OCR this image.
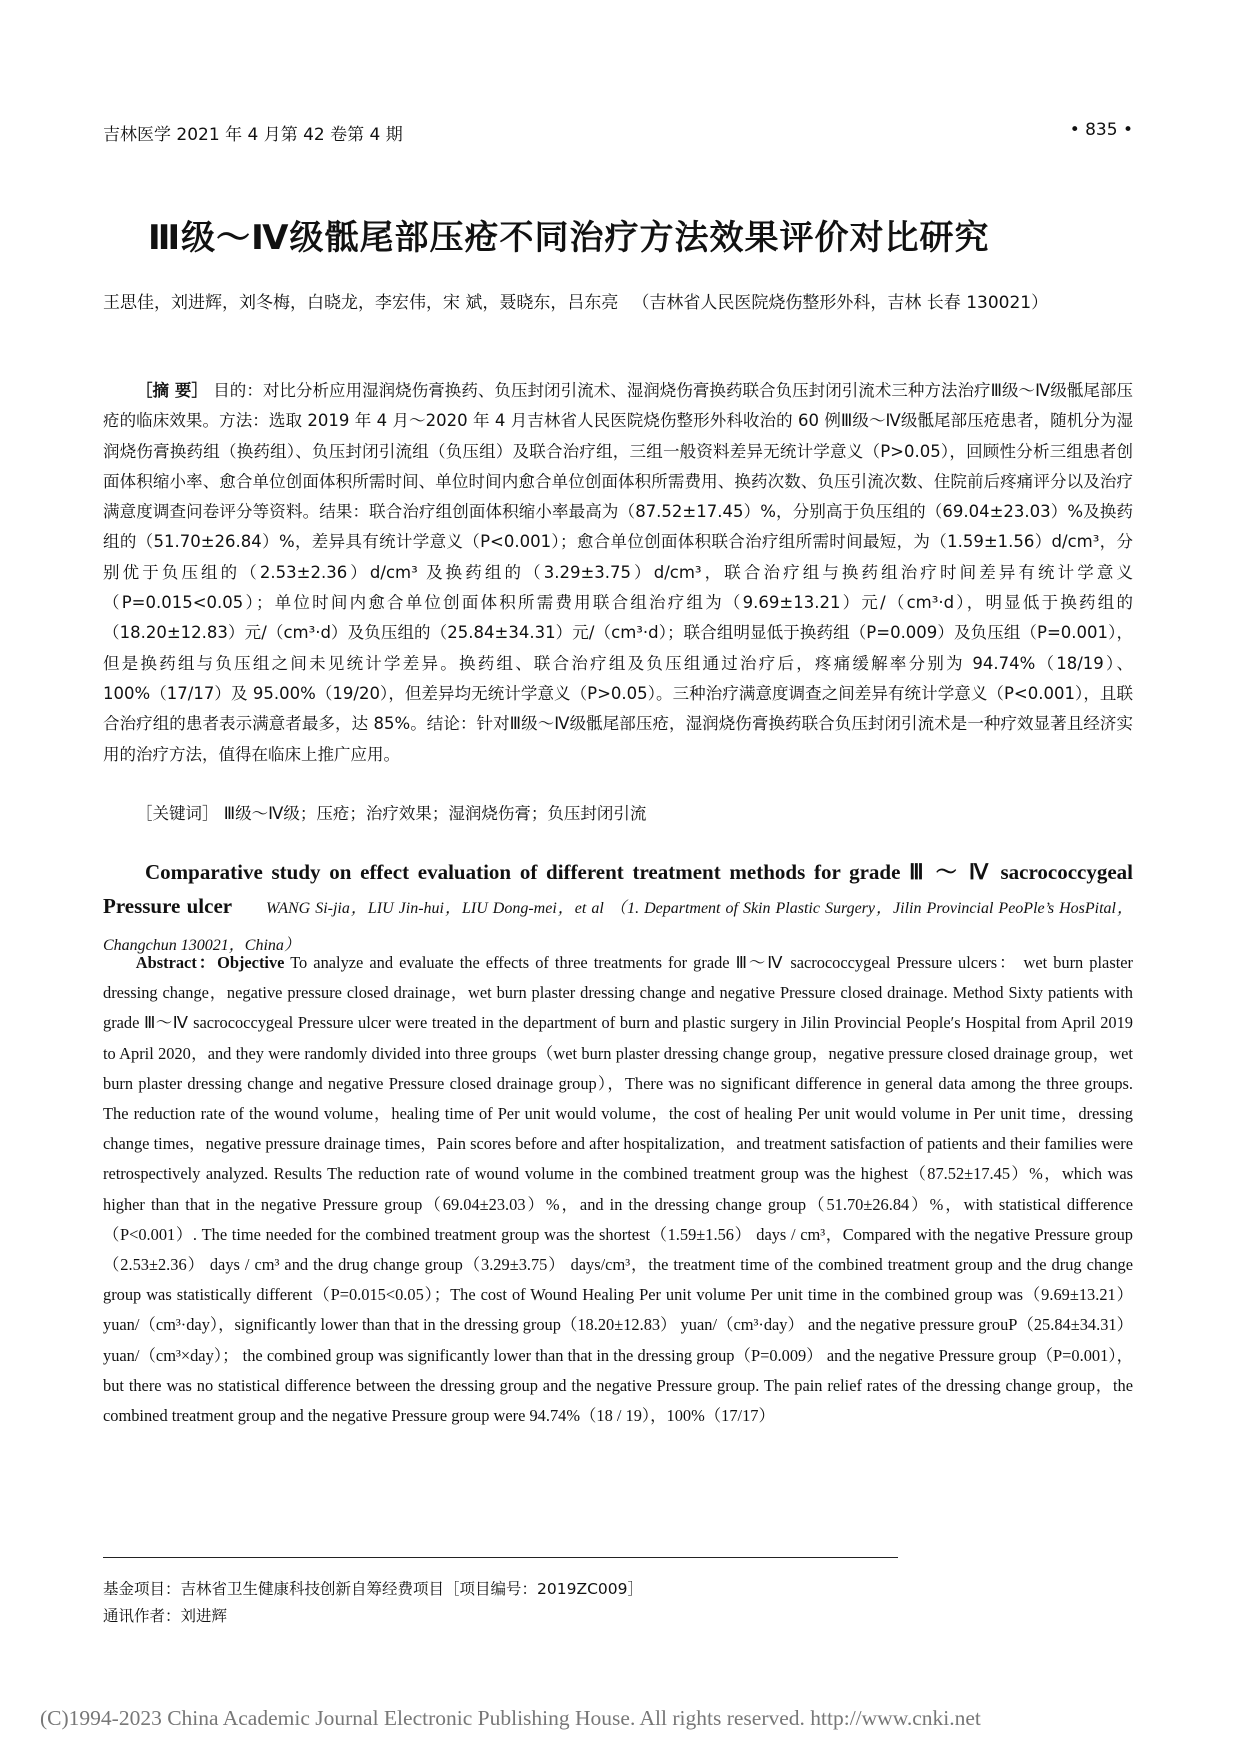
吉林医学 2021 年 4 月第 42 卷第 4 期	• 835 •
Ⅲ级～Ⅳ级骶尾部压疮不同治疗方法效果评价对比研究
王思佳，刘进辉，刘冬梅，白晓龙，李宏伟，宋 斌，聂晓东，吕东亮 （吉林省人民医院烧伤整形外科，吉林 长春 130021）
［摘 要］ 目的：对比分析应用湿润烧伤膏换药、负压封闭引流术、湿润烧伤膏换药联合负压封闭引流术三种方法治疗Ⅲ级～Ⅳ级骶尾部压疮的临床效果。方法：选取 2019 年 4 月～2020 年 4 月吉林省人民医院烧伤整形外科收治的 60 例Ⅲ级～Ⅳ级骶尾部压疮患者，随机分为湿润烧伤膏换药组（换药组）、负压封闭引流组（负压组）及联合治疗组，三组一般资料差异无统计学意义（P>0.05），回顾性分析三组患者创面体积缩小率、愈合单位创面体积所需时间、单位时间内愈合单位创面体积所需费用、换药次数、负压引流次数、住院前后疼痛评分以及治疗满意度调查问卷评分等资料。结果：联合治疗组创面体积缩小率最高为（87.52±17.45）%，分别高于负压组的（69.04±23.03）%及换药组的（51.70±26.84）%，差异具有统计学意义（P<0.001）；愈合单位创面体积联合治疗组所需时间最短，为（1.59±1.56）d/cm³，分别优于负压组的（2.53±2.36）d/cm³ 及换药组的（3.29±3.75）d/cm³，联合治疗组与换药组治疗时间差异有统计学意义（P=0.015<0.05）；单位时间内愈合单位创面体积所需费用联合组治疗组为（9.69±13.21）元/（cm³·d），明显低于换药组的（18.20±12.83）元/（cm³·d）及负压组的（25.84±34.31）元/（cm³·d）；联合组明显低于换药组（P=0.009）及负压组（P=0.001），但是换药组与负压组之间未见统计学差异。换药组、联合治疗组及负压组通过治疗后，疼痛缓解率分别为 94.74%（18/19）、100%（17/17）及 95.00%（19/20），但差异均无统计学意义（P>0.05）。三种治疗满意度调查之间差异有统计学意义（P<0.001），且联合治疗组的患者表示满意者最多，达 85%。结论：针对Ⅲ级～Ⅳ级骶尾部压疮，湿润烧伤膏换药联合负压封闭引流术是一种疗效显著且经济实用的治疗方法，值得在临床上推广应用。
［关键词］ Ⅲ级～Ⅳ级；压疮；治疗效果；湿润烧伤膏；负压封闭引流
Comparative study on effect evaluation of different treatment methods for grade Ⅲ ～ Ⅳ sacrococcygeal Pressure ulcer WANG Si-jia，LIU Jin-hui，LIU Dong-mei，et al （1. Department of Skin Plastic Surgery，Jilin Provincial PeoPle’s HosPital，Changchun 130021，China）
Abstract：Objective To analyze and evaluate the effects of three treatments for grade Ⅲ～Ⅳ sacrococcygeal Pressure ulcers： wet burn plaster dressing change，negative pressure closed drainage，wet burn plaster dressing change and negative Pressure closed drainage. Method Sixty patients with grade Ⅲ～Ⅳ sacrococcygeal Pressure ulcer were treated in the department of burn and plastic surgery in Jilin Provincial People′s Hospital from April 2019 to April 2020，and they were randomly divided into three groups（wet burn plaster dressing change group，negative pressure closed drainage group，wet burn plaster dressing change and negative Pressure closed drainage group），There was no significant difference in general data among the three groups. The reduction rate of the wound volume，healing time of Per unit would volume，the cost of healing Per unit would volume in Per unit time，dressing change times，negative pressure drainage times，Pain scores before and after hospitalization，and treatment satisfaction of patients and their families were retrospectively analyzed. Results The reduction rate of wound volume in the combined treatment group was the highest（87.52±17.45）%，which was higher than that in the negative Pressure group（69.04±23.03）%，and in the dressing change group（51.70±26.84）%，with statistical difference（P<0.001）. The time needed for the combined treatment group was the shortest（1.59±1.56） days / cm³，Compared with the negative Pressure group（2.53±2.36） days / cm³ and the drug change group（3.29±3.75） days/cm³，the treatment time of the combined treatment group and the drug change group was statistically different（P=0.015<0.05）；The cost of Wound Healing Per unit volume Per unit time in the combined group was（9.69±13.21） yuan/（cm³·day），significantly lower than that in the dressing group（18.20±12.83） yuan/（cm³·day） and the negative pressure grouP（25.84±34.31）yuan/（cm³×day）； the combined group was significantly lower than that in the dressing group（P=0.009） and the negative Pressure group（P=0.001），but there was no statistical difference between the dressing group and the negative Pressure group. The pain relief rates of the dressing change group，the combined treatment group and the negative Pressure group were 94.74%（18 / 19），100%（17/17）
基金项目：吉林省卫生健康科技创新自筹经费项目［项目编号：2019ZC009］
通讯作者：刘进辉
(C)1994-2023 China Academic Journal Electronic Publishing House. All rights reserved. http://www.cnki.net
